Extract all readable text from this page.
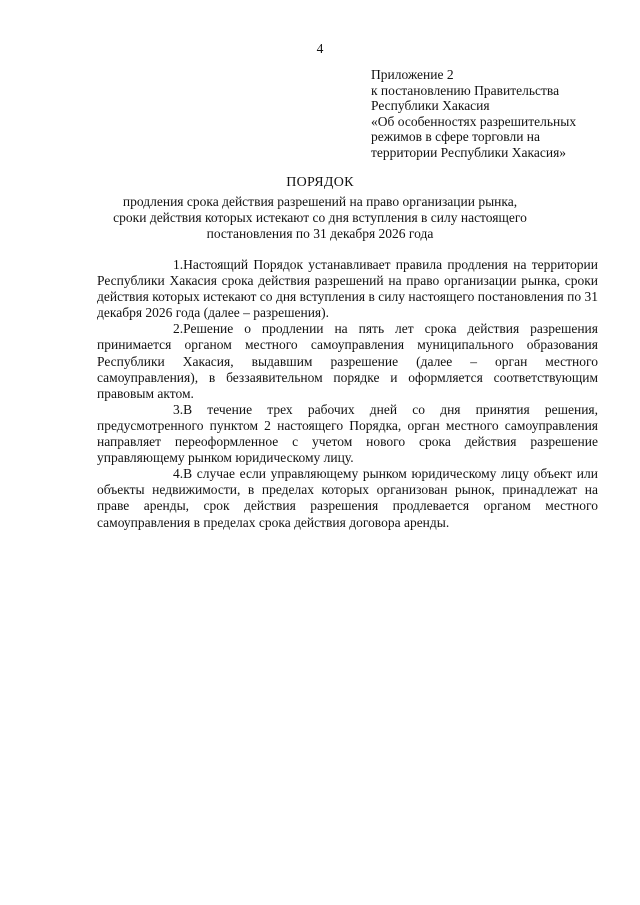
4
Приложение 2
к постановлению Правительства
Республики Хакасия
«Об особенностях разрешительных
режимов в сфере торговли на
территории Республики Хакасия»
ПОРЯДОК
продления срока действия разрешений на право организации рынка,
сроки действия которых истекают со дня вступления в силу настоящего
постановления по 31 декабря 2026 года

1.Настоящий Порядок устанавливает правила продления на территории Республики Хакасия срока действия разрешений на право организации рынка, сроки действия которых истекают со дня вступления в силу настоящего постановления по 31 декабря 2026 года (далее – разрешения).

2.Решение о продлении на пять лет срока действия разрешения принимается органом местного самоуправления муниципального образования Республики Хакасия, выдавшим разрешение (далее – орган местного самоуправления), в беззаявительном порядке и оформляется соответствующим правовым актом.

3.В течение трех рабочих дней со дня принятия решения, предусмотренного пунктом 2 настоящего Порядка, орган местного самоуправления направляет переоформленное с учетом нового срока действия разрешение управляющему рынком юридическому лицу.

4.В случае если управляющему рынком юридическому лицу объект или объекты недвижимости, в пределах которых организован рынок, принадлежат на праве аренды, срок действия разрешения продлевается органом местного самоуправления в пределах срока действия договора аренды.
